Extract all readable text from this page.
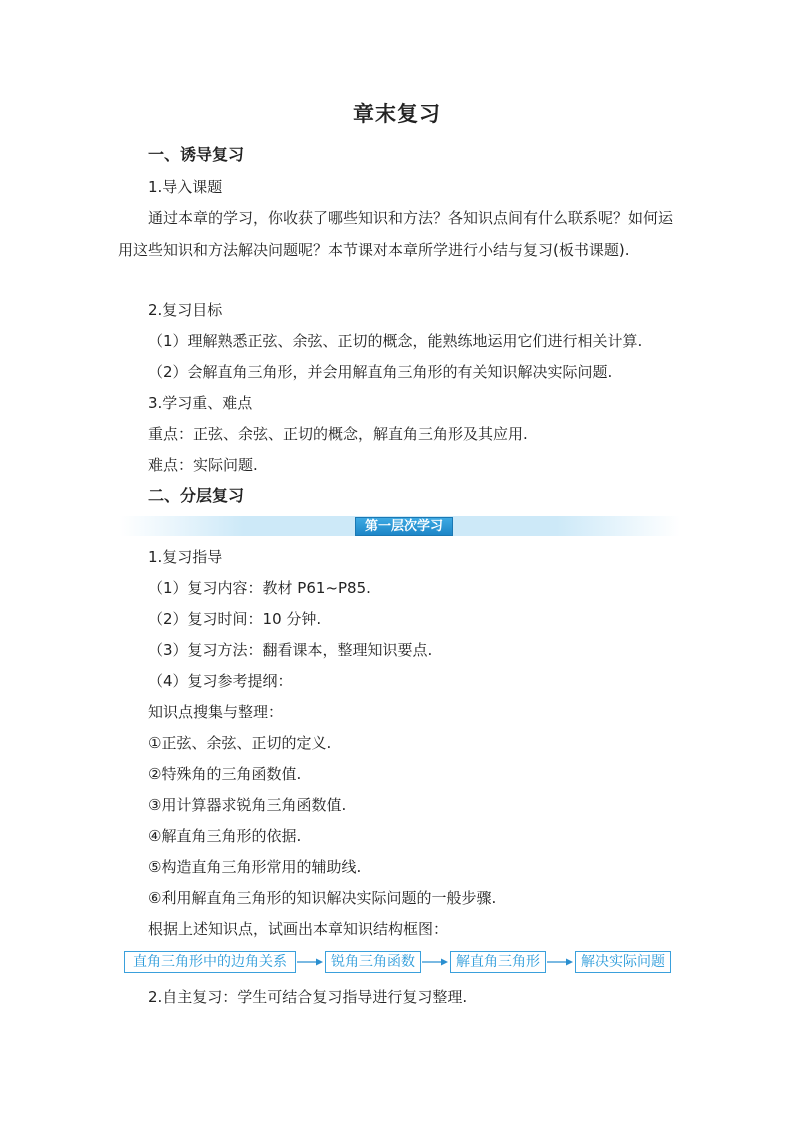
章末复习
一、诱导复习
1.导入课题
通过本章的学习，你收获了哪些知识和方法？各知识点间有什么联系呢？如何运用这些知识和方法解决问题呢？本节课对本章所学进行小结与复习(板书课题).
2.复习目标
（1）理解熟悉正弦、余弦、正切的概念，能熟练地运用它们进行相关计算.
（2）会解直角三角形，并会用解直角三角形的有关知识解决实际问题.
3.学习重、难点
重点：正弦、余弦、正切的概念，解直角三角形及其应用.
难点：实际问题.
二、分层复习
第一层次学习
1.复习指导
（1）复习内容：教材 P61~P85.
（2）复习时间：10 分钟.
（3）复习方法：翻看课本，整理知识要点.
（4）复习参考提纲：
知识点搜集与整理：
①正弦、余弦、正切的定义.
②特殊角的三角函数值.
③用计算器求锐角三角函数值.
④解直角三角形的依据.
⑤构造直角三角形常用的辅助线.
⑥利用解直角三角形的知识解决实际问题的一般步骤.
根据上述知识点，试画出本章知识结构框图：
直角三角形中的边角关系	锐角三角函数	解直角三角形	解决实际问题
2.自主复习：学生可结合复习指导进行复习整理.
